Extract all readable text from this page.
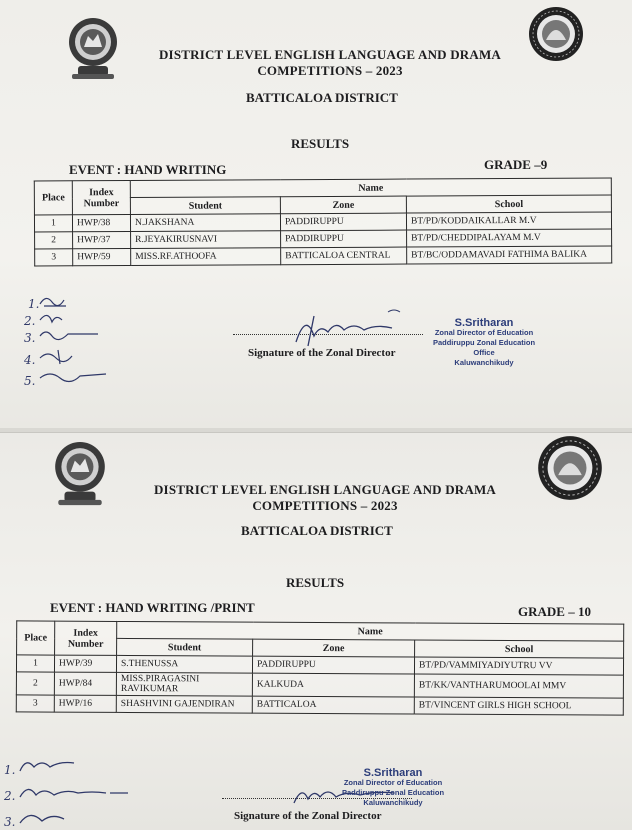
DISTRICT LEVEL ENGLISH LANGUAGE AND DRAMA
COMPETITIONS – 2023
BATTICALOA DISTRICT
RESULTS
EVENT : HAND WRITING	GRADE –9
Place	Index Number	Name		
		Student	Zone	School
1	HWP/38	N.JAKSHANA	PADDIRUPPU	BT/PD/KODDAIKALLAR M.V
2	HWP/37	R.JEYAKIRUSNAVI	PADDIRUPPU	BT/PD/CHEDDIPALAYAM M.V
3	HWP/59	MISS.RF.ATHOOFA	BATTICALOA CENTRAL	BT/BC/ODDAMAVADI FATHIMA BALIKA
1.
2.
3.
4.
5.
Signature of the Zonal Director
S.Sritharan
Zonal Director of Education
Paddiruppu Zonal Education Office
Kaluwanchikudy
DISTRICT LEVEL ENGLISH LANGUAGE AND DRAMA
COMPETITIONS – 2023
BATTICALOA DISTRICT
RESULTS
EVENT : HAND WRITING /PRINT	GRADE – 10
Place	Index Number	Name		
		Student	Zone	School
1	HWP/39	S.THENUSSA	PADDIRUPPU	BT/PD/VAMMIYADIYUTRU VV
2	HWP/84	MISS.PIRAGASINI RAVIKUMAR	KALKUDA	BT/KK/VANTHARUMOOLAI MMV
3	HWP/16	SHASHVINI GAJENDIRAN	BATTICALOA	BT/VINCENT GIRLS HIGH SCHOOL
1.
2.
3.	Signature of the Zonal Director
S.Sritharan
Zonal Director of Education
Paddiruppu Zonal Education
Kaluwanchikudy
